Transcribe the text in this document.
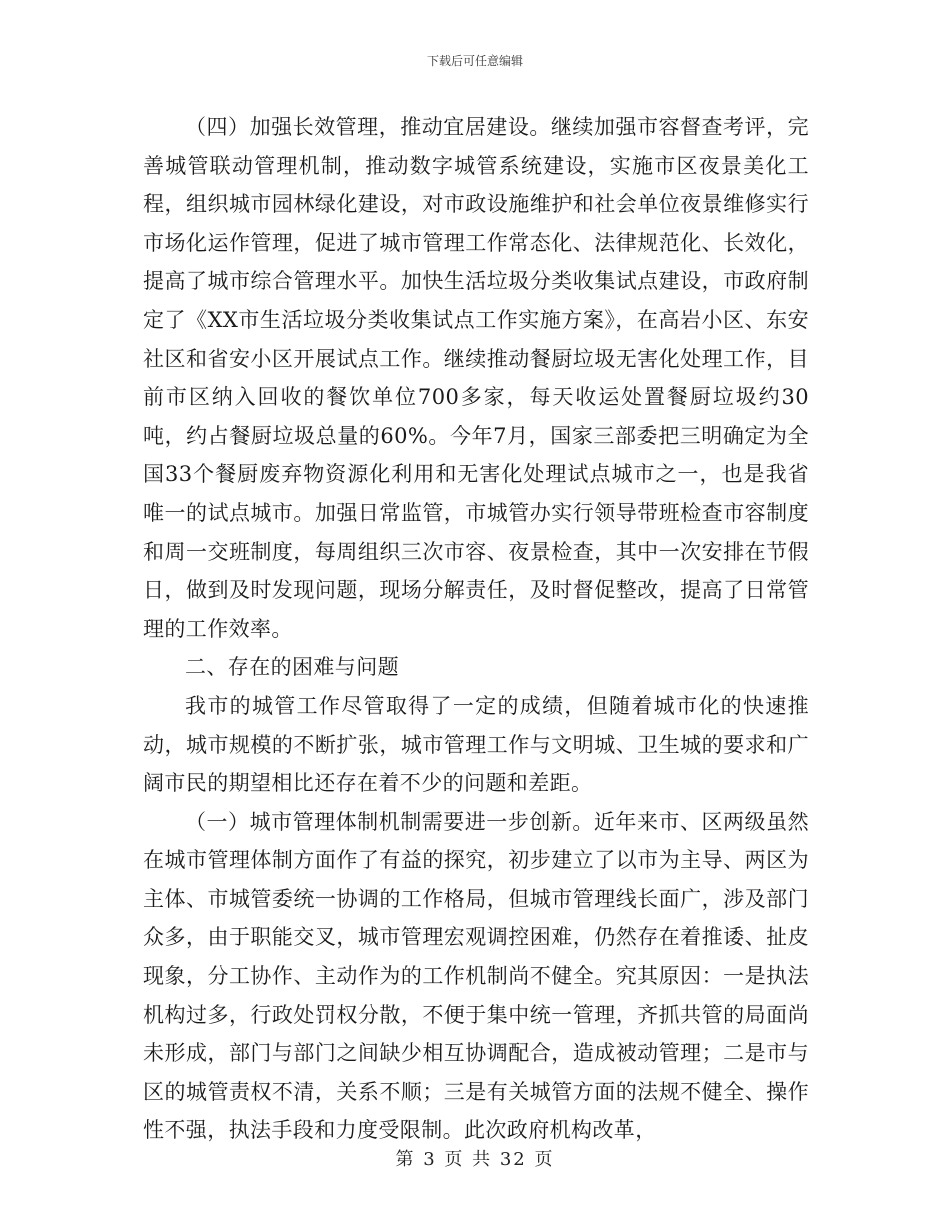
下载后可任意编辑

（四）加强长效管理，推动宜居建设。继续加强市容督查考评，完善城管联动管理机制，推动数字城管系统建设，实施市区夜景美化工程，组织城市园林绿化建设，对市政设施维护和社会单位夜景维修实行市场化运作管理，促进了城市管理工作常态化、法律规范化、长效化，提高了城市综合管理水平。加快生活垃圾分类收集试点建设，市政府制定了《XX市生活垃圾分类收集试点工作实施方案》，在高岩小区、东安社区和省安小区开展试点工作。继续推动餐厨垃圾无害化处理工作，目前市区纳入回收的餐饮单位700多家，每天收运处置餐厨垃圾约30吨，约占餐厨垃圾总量的60%。今年7月，国家三部委把三明确定为全国33个餐厨废弃物资源化利用和无害化处理试点城市之一，也是我省唯一的试点城市。加强日常监管，市城管办实行领导带班检查市容制度和周一交班制度，每周组织三次市容、夜景检查，其中一次安排在节假日，做到及时发现问题，现场分解责任，及时督促整改，提高了日常管理的工作效率。

二、存在的困难与问题

我市的城管工作尽管取得了一定的成绩，但随着城市化的快速推动，城市规模的不断扩张，城市管理工作与文明城、卫生城的要求和广阔市民的期望相比还存在着不少的问题和差距。

（一）城市管理体制机制需要进一步创新。近年来市、区两级虽然在城市管理体制方面作了有益的探究，初步建立了以市为主导、两区为主体、市城管委统一协调的工作格局，但城市管理线长面广，涉及部门众多，由于职能交叉，城市管理宏观调控困难，仍然存在着推诿、扯皮现象，分工协作、主动作为的工作机制尚不健全。究其原因：一是执法机构过多，行政处罚权分散，不便于集中统一管理，齐抓共管的局面尚未形成，部门与部门之间缺少相互协调配合，造成被动管理；二是市与区的城管责权不清，关系不顺；三是有关城管方面的法规不健全、操作性不强，执法手段和力度受限制。此次政府机构改革，

第 3 页 共 32 页
